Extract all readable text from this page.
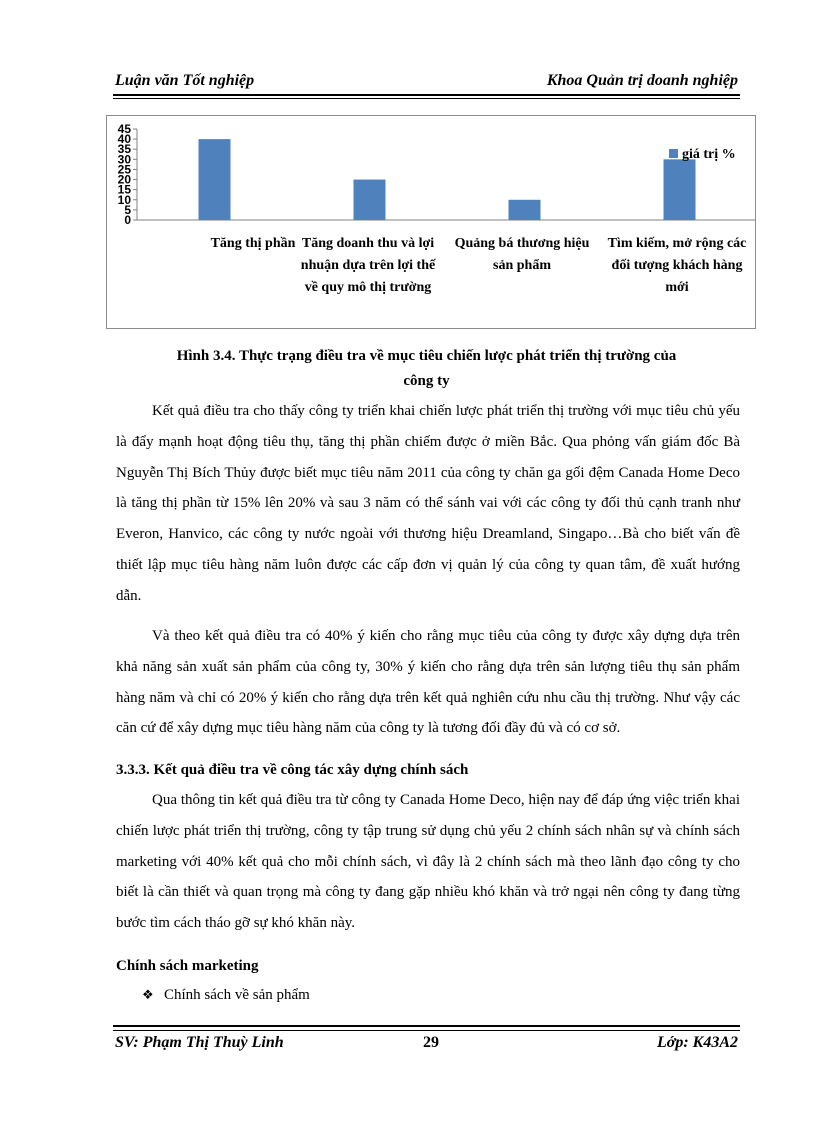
Luận văn Tốt nghiệp	Khoa Quản trị doanh nghiệp
0
5
10
15
20
25
30
35
40
45
Tăng thị phần Tăng doanh thu và lợi nhuận dựa trên lợi thế về quy mô thị trường
Quảng bá thương hiệu sản phẩm
Tìm kiếm, mở rộng các đối tượng khách hàng mới
giá trị %
Hình 3.4. Thực trạng điều tra về mục tiêu chiến lược phát triển thị trường của
công ty
Kết quả điều tra cho thấy công ty triển khai chiến lược phát triển thị trường với mục tiêu chủ yếu là đẩy mạnh hoạt động tiêu thụ, tăng thị phần chiếm được ở miền Bắc. Qua phỏng vấn giám đốc Bà Nguyễn Thị Bích Thủy được biết mục tiêu năm 2011 của công ty chăn ga gối đệm Canada Home Deco là tăng thị phần từ 15% lên 20% và sau 3 năm có thể sánh vai với các công ty đối thủ cạnh tranh như Everon, Hanvico, các công ty nước ngoài với thương hiệu Dreamland, Singapo…Bà cho biết vấn đề thiết lập mục tiêu hàng năm luôn được các cấp đơn vị quản lý của công ty quan tâm, đề xuất hướng dẫn.
Và theo kết quả điều tra có 40% ý kiến cho rằng mục tiêu của công ty được xây dựng dựa trên khả năng sản xuất sản phẩm của công ty, 30% ý kiến cho rằng dựa trên sản lượng tiêu thụ sản phẩm hàng năm và chỉ có 20% ý kiến cho rằng dựa trên kết quả nghiên cứu nhu cầu thị trường. Như vậy các căn cứ để xây dựng mục tiêu hàng năm của công ty là tương đối đầy đủ và có cơ sở.
3.3.3. Kết quả điều tra về công tác xây dựng chính sách
Qua thông tin kết quả điều tra từ công ty Canada Home Deco, hiện nay để đáp ứng việc triển khai chiến lược phát triển thị trường, công ty tập trung sử dụng chủ yếu 2 chính sách nhân sự và chính sách marketing với 40% kết quả cho mỗi chính sách, vì đây là 2 chính sách mà theo lãnh đạo công ty cho biết là cần thiết và quan trọng mà công ty đang gặp nhiều khó khăn và trở ngại nên công ty đang từng bước tìm cách tháo gỡ sự khó khăn này.
Chính sách marketing
❖ Chính sách về sản phẩm
SV: Phạm Thị Thuỳ Linh	29	Lớp: K43A2
